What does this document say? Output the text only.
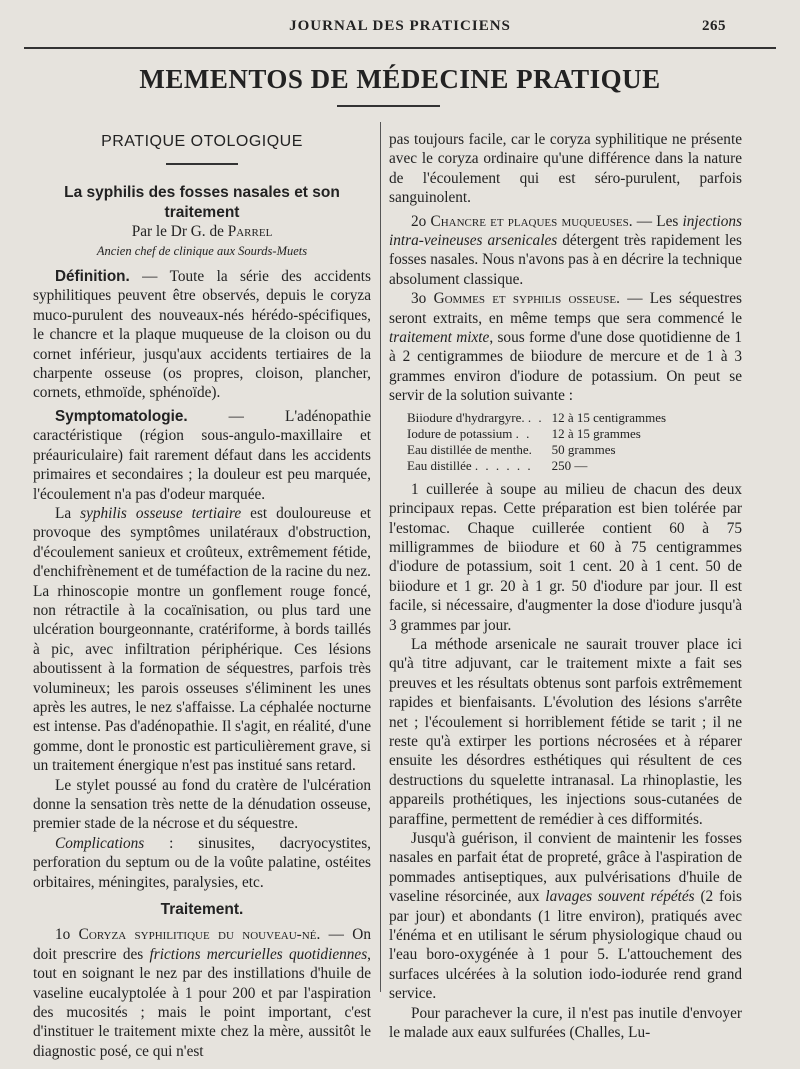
JOURNAL DES PRATICIENS	265
MEMENTOS DE MÉDECINE PRATIQUE
PRATIQUE OTOLOGIQUE
La syphilis des fosses nasales et son traitement

Par le Dr G. de Parrel

Ancien chef de clinique aux Sourds-Muets

Définition. — Toute la série des accidents syphilitiques peuvent être observés, depuis le coryza muco-purulent des nouveaux-nés hérédo-spécifiques, le chancre et la plaque muqueuse de la cloison ou du cornet inférieur, jusqu'aux accidents tertiaires de la charpente osseuse (os propres, cloison, plancher, cornets, ethmoïde, sphénoïde).

Symptomatologie. — L'adénopathie caractéristique (région sous-angulo-maxillaire et préauriculaire) fait rarement défaut dans les accidents primaires et secondaires ; la douleur est peu marquée, l'écoulement n'a pas d'odeur marquée.

La syphilis osseuse tertiaire est douloureuse et provoque des symptômes unilatéraux d'obstruction, d'écoulement sanieux et croûteux, extrêmement fétide, d'enchifrènement et de tuméfaction de la racine du nez. La rhinoscopie montre un gonflement rouge foncé, non rétractile à la cocaïnisation, ou plus tard une ulcération bourgeonnante, cratériforme, à bords taillés à pic, avec infiltration périphérique. Ces lésions aboutissent à la formation de séquestres, parfois très volumineux; les parois osseuses s'éliminent les unes après les autres, le nez s'affaisse. La céphalée nocturne est intense. Pas d'adénopathie. Il s'agit, en réalité, d'une gomme, dont le pronostic est particulièrement grave, si un traitement énergique n'est pas institué sans retard.

Le stylet poussé au fond du cratère de l'ulcération donne la sensation très nette de la dénudation osseuse, premier stade de la nécrose et du séquestre.

Complications : sinusites, dacryocystites, perforation du septum ou de la voûte palatine, ostéites orbitaires, méningites, paralysies, etc.

Traitement.

1o Coryza syphilitique du nouveau-né. — On doit prescrire des frictions mercurielles quotidiennes, tout en soignant le nez par des instillations d'huile de vaseline eucalyptolée à 1 pour 200 et par l'aspiration des mucosités ; mais le point important, c'est d'instituer le traitement mixte chez la mère, aussitôt le diagnostic posé, ce qui n'est

pas toujours facile, car le coryza syphilitique ne présente avec le coryza ordinaire qu'une différence dans la nature de l'écoulement qui est séro-purulent, parfois sanguinolent.

2o Chancre et plaques muqueuses. — Les injections intra-veineuses arsenicales détergent très rapidement les fosses nasales. Nous n'avons pas à en décrire la technique absolument classique.

3o Gommes et syphilis osseuse. — Les séquestres seront extraits, en même temps que sera commencé le traitement mixte, sous forme d'une dose quotidienne de 1 à 2 centigrammes de biiodure de mercure et de 1 à 3 grammes environ d'iodure de potassium. On peut se servir de la solution suivante :

Biiodure d'hydrargyre. . .	12 à 15 centigrammes
Iodure de potassium . .	12 à 15 grammes
Eau distillée de menthe.	50 grammes
Eau distillée . . . . . .	250 —

1 cuillerée à soupe au milieu de chacun des deux principaux repas. Cette préparation est bien tolérée par l'estomac. Chaque cuillerée contient 60 à 75 milligrammes de biiodure et 60 à 75 centigrammes d'iodure de potassium, soit 1 cent. 20 à 1 cent. 50 de biiodure et 1 gr. 20 à 1 gr. 50 d'iodure par jour. Il est facile, si nécessaire, d'augmenter la dose d'iodure jusqu'à 3 grammes par jour.

La méthode arsenicale ne saurait trouver place ici qu'à titre adjuvant, car le traitement mixte a fait ses preuves et les résultats obtenus sont parfois extrêmement rapides et bienfaisants. L'évolution des lésions s'arrête net ; l'écoulement si horriblement fétide se tarit ; il ne reste qu'à extirper les portions nécrosées et à réparer ensuite les désordres esthétiques qui résultent de ces destructions du squelette intranasal. La rhinoplastie, les appareils prothétiques, les injections sous-cutanées de paraffine, permettent de remédier à ces difformités.

Jusqu'à guérison, il convient de maintenir les fosses nasales en parfait état de propreté, grâce à l'aspiration de pommades antiseptiques, aux pulvérisations d'huile de vaseline résorcinée, aux lavages souvent répétés (2 fois par jour) et abondants (1 litre environ), pratiqués avec l'énéma et en utilisant le sérum physiologique chaud ou l'eau boro-oxygénée à 1 pour 5. L'attouchement des surfaces ulcérées à la solution iodo-iodurée rend grand service.

Pour parachever la cure, il n'est pas inutile d'envoyer le malade aux eaux sulfurées (Challes, Lu-
